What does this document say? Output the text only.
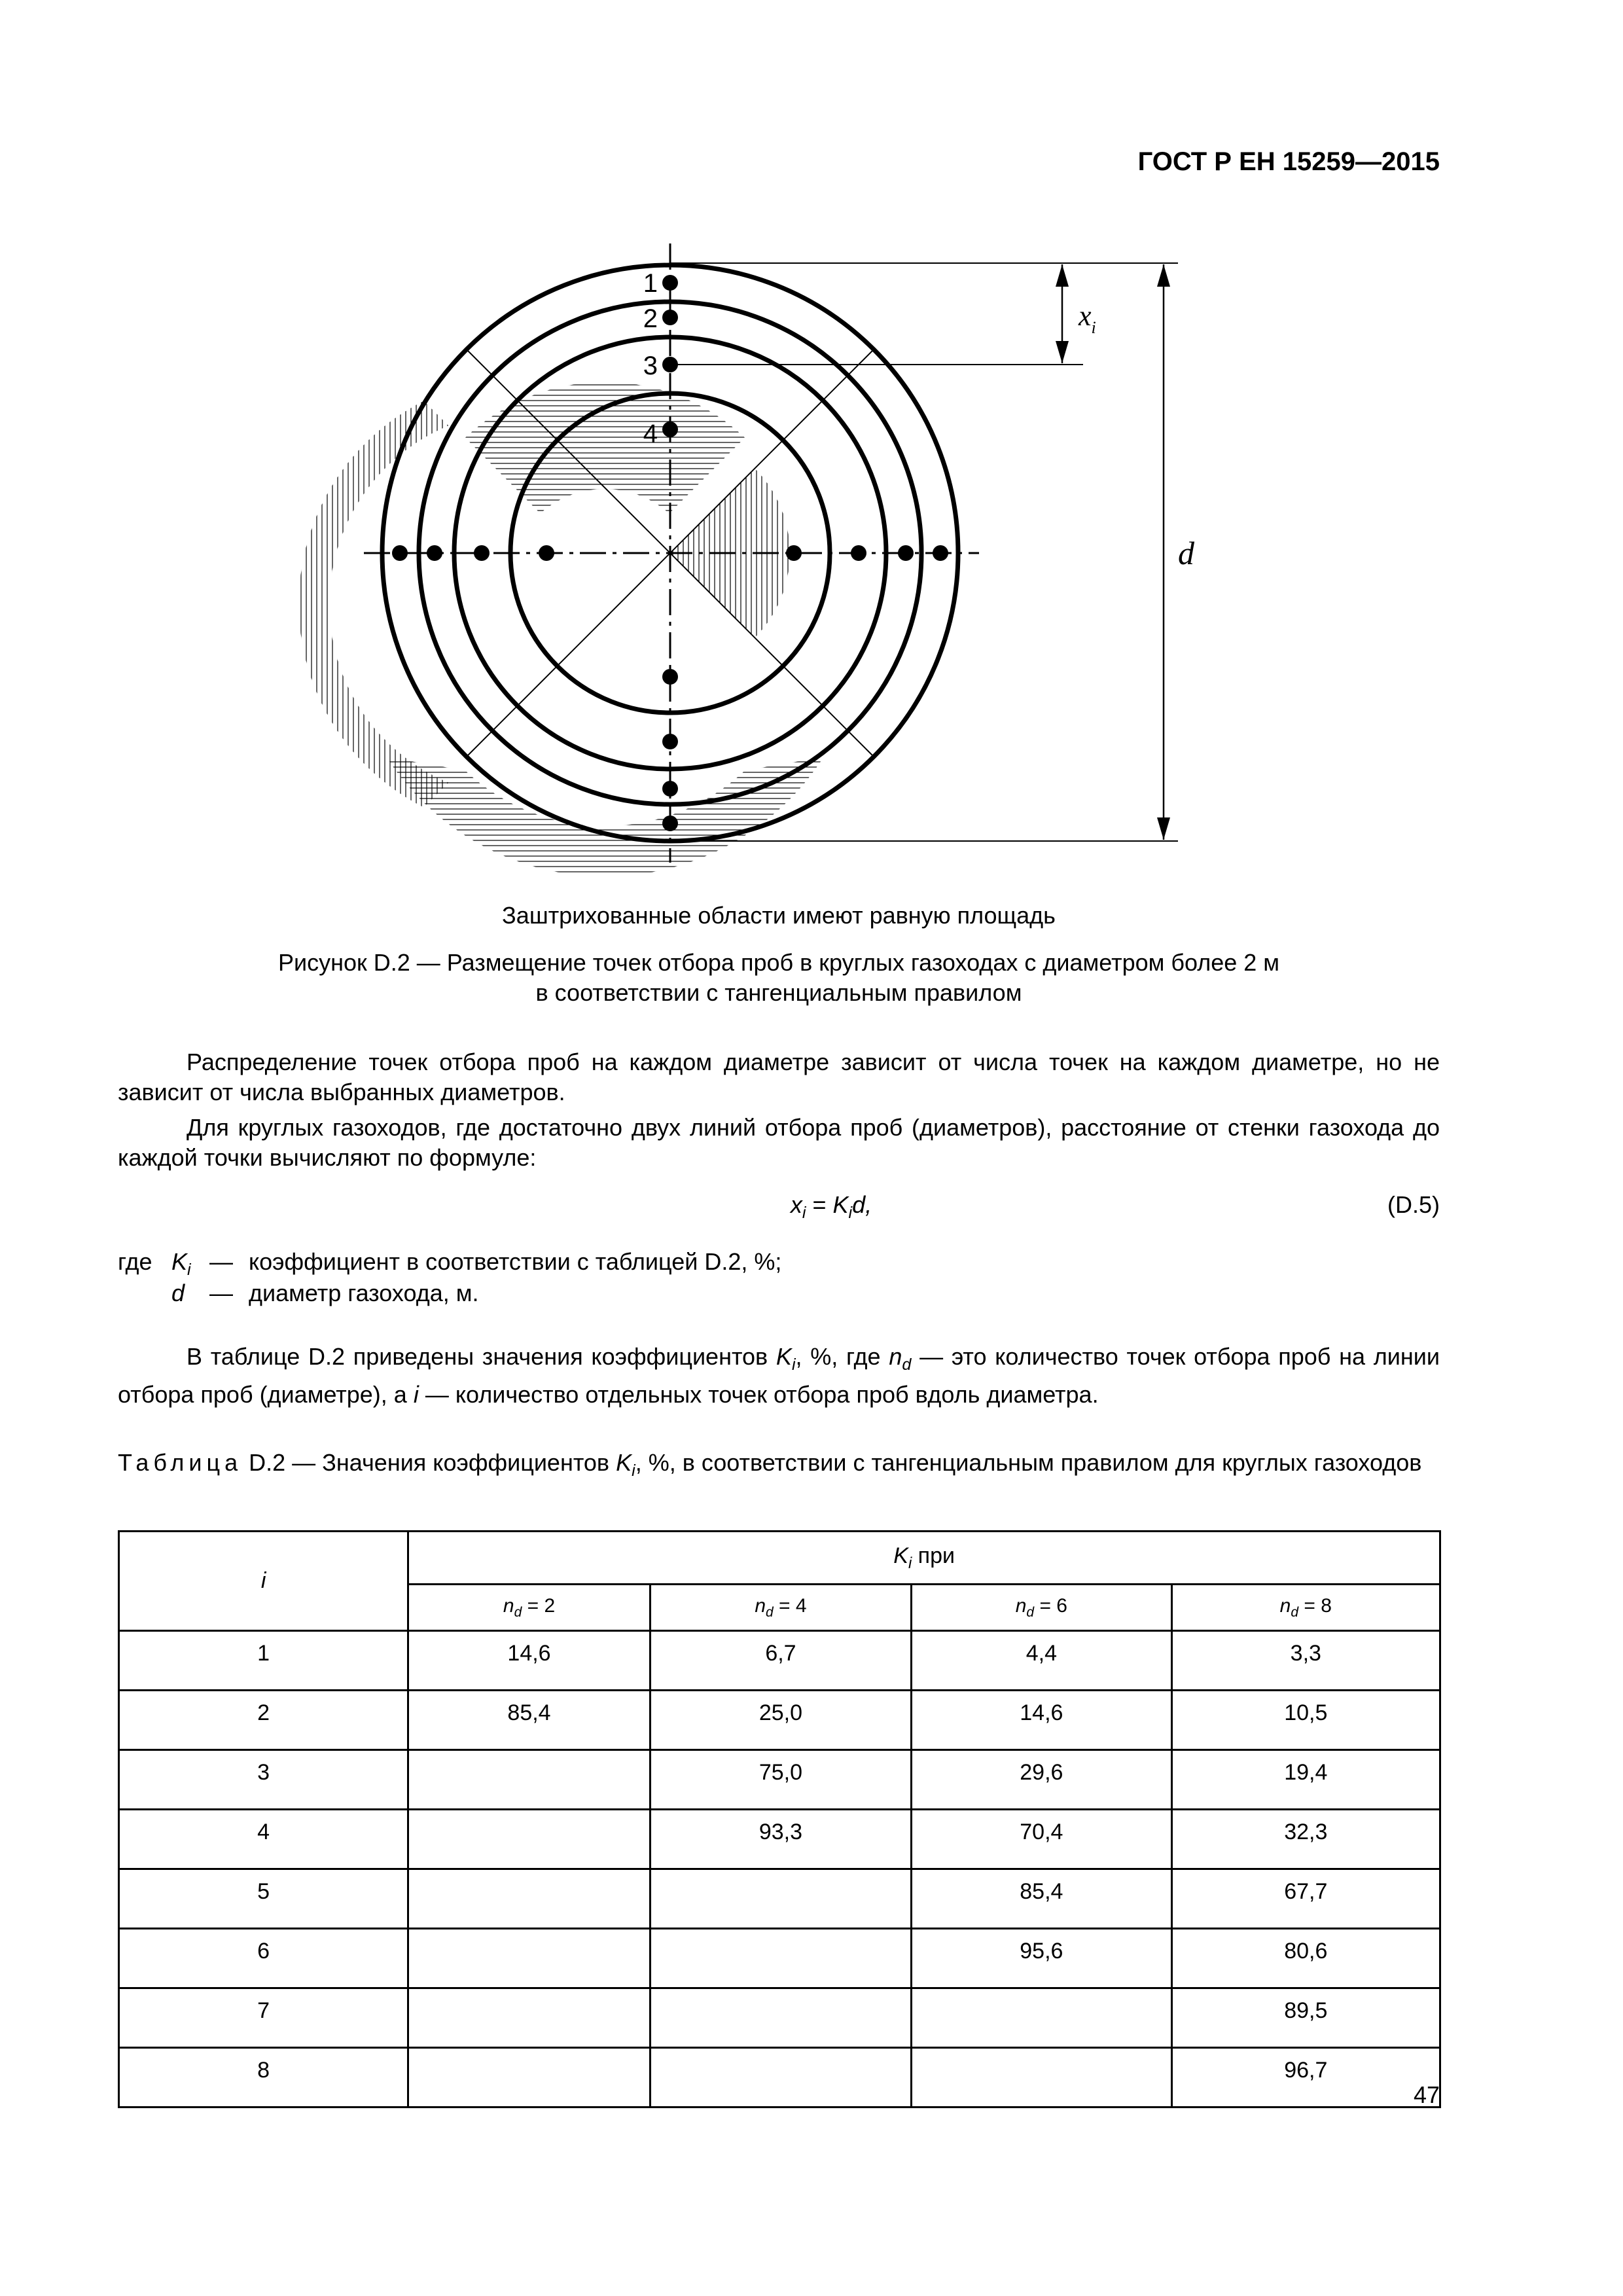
ГОСТ Р ЕН 15259—2015
1
2
3
4
$x_i$
d
Заштрихованные области имеют равную площадь
Рисунок D.2 — Размещение точек отбора проб в круглых газоходах с диаметром более 2 м
в соответствии с тангенциальным правилом
Распределение точек отбора проб на каждом диаметре зависит от числа точек на каждом диаметре, но не зависит от числа выбранных диаметров.
Для круглых газоходов, где достаточно двух линий отбора проб (диаметров), расстояние от стенки газохода до каждой точки вычисляют по формуле:
$x_i = K_id$,	(D.5)
где $K_i$ — коэффициент в соответствии с таблицей D.2, %;
d — диаметр газохода, м.
В таблице D.2 приведены значения коэффициентов $K_i$, %, где $n_d$ — это количество точек отбора проб на линии отбора проб (диаметре), а i — количество отдельных точек отбора проб вдоль диаметра.
Таблица D.2 — Значения коэффициентов $K_i$, %, в соответствии с тангенциальным правилом для круглых газоходов
i	$K_i$ при			
	$n_d = 2$	$n_d = 4$	$n_d = 6$	$n_d = 8$
1	14,6	6,7	4,4	3,3
2	85,4	25,0	14,6	10,5
3		75,0	29,6	19,4
4		93,3	70,4	32,3
5			85,4	67,7
6			95,6	80,6
7				89,5
8				96,7
47
